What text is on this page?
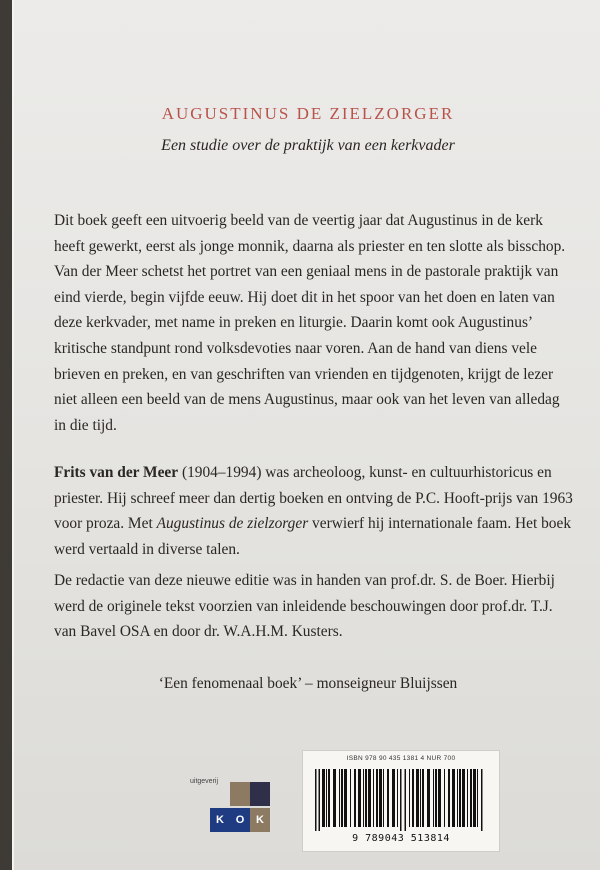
AUGUSTINUS DE ZIELZORGER
Een studie over de praktijk van een kerkvader

Dit boek geeft een uitvoerig beeld van de veertig jaar dat Augustinus in de kerk heeft gewerkt, eerst als jonge monnik, daarna als priester en ten slotte als bisschop. Van der Meer schetst het portret van een geniaal mens in de pastorale praktijk van eind vierde, begin vijfde eeuw. Hij doet dit in het spoor van het doen en laten van deze kerkvader, met name in preken en liturgie. Daarin komt ook Augustinus’ kritische standpunt rond volksdevoties naar voren. Aan de hand van diens vele brieven en preken, en van geschriften van vrienden en tijdgenoten, krijgt de lezer niet alleen een beeld van de mens Augustinus, maar ook van het leven van alledag in die tijd.

Frits van der Meer (1904–1994) was archeoloog, kunst- en cultuurhistoricus en priester. Hij schreef meer dan dertig boeken en ontving de P.C. Hooft-prijs van 1963 voor proza. Met Augustinus de zielzorger verwierf hij internationale faam. Het boek werd vertaald in diverse talen.

De redactie van deze nieuwe editie was in handen van prof.dr. S. de Boer. Hierbij werd de originele tekst voorzien van inleidende beschouwingen door prof.dr. T.J. van Bavel OSA en door dr. W.A.H.M. Kusters.

‘Een fenomenaal boek’ – monseigneur Bluijssen
uitgeverij
K	O	K
ISBN 978 90 435 1381 4 NUR 700
9 789043 513814
